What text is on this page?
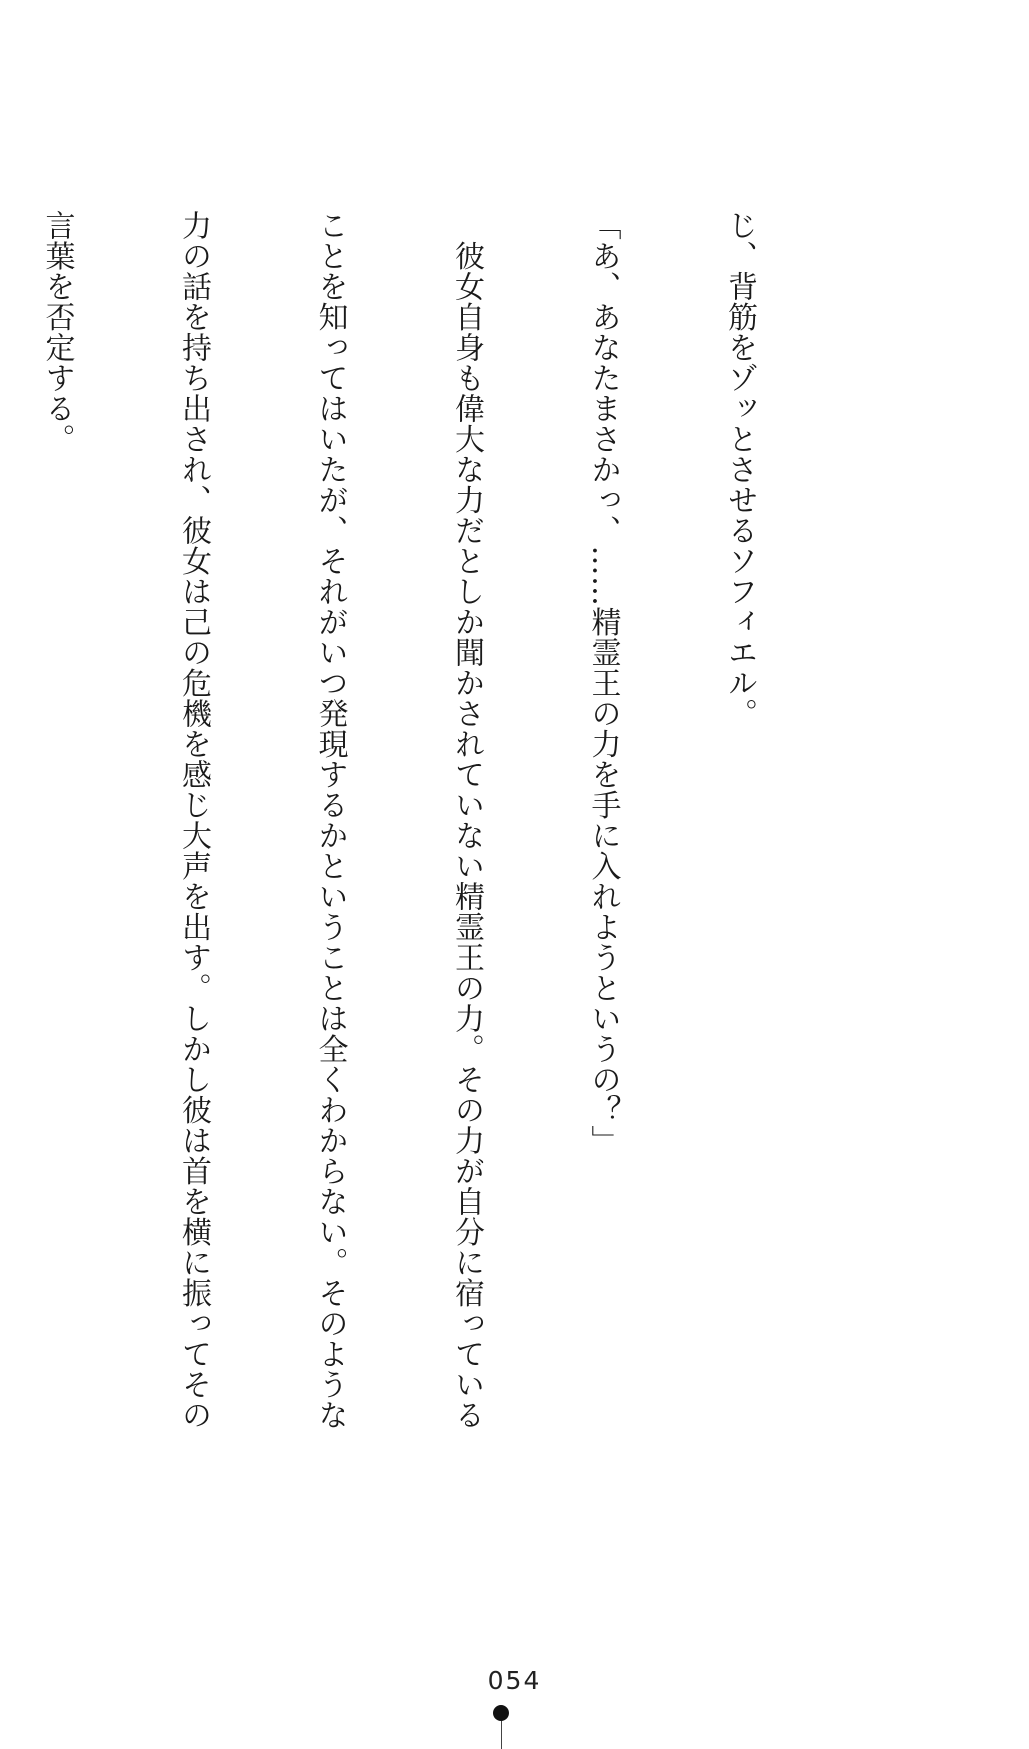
じ、背筋をゾッとさせるソフィエル。

「あ、あなたまさかっ、……精霊王の力を手に入れようというの？」

　彼女自身も偉大な力だとしか聞かされていない精霊王の力。その力が自分に宿っている

ことを知ってはいたが、それがいつ発現するかということは全くわからない。そのような

力の話を持ち出され、彼女は己の危機を感じ大声を出す。しかし彼は首を横に振ってその

言葉を否定する。

054
